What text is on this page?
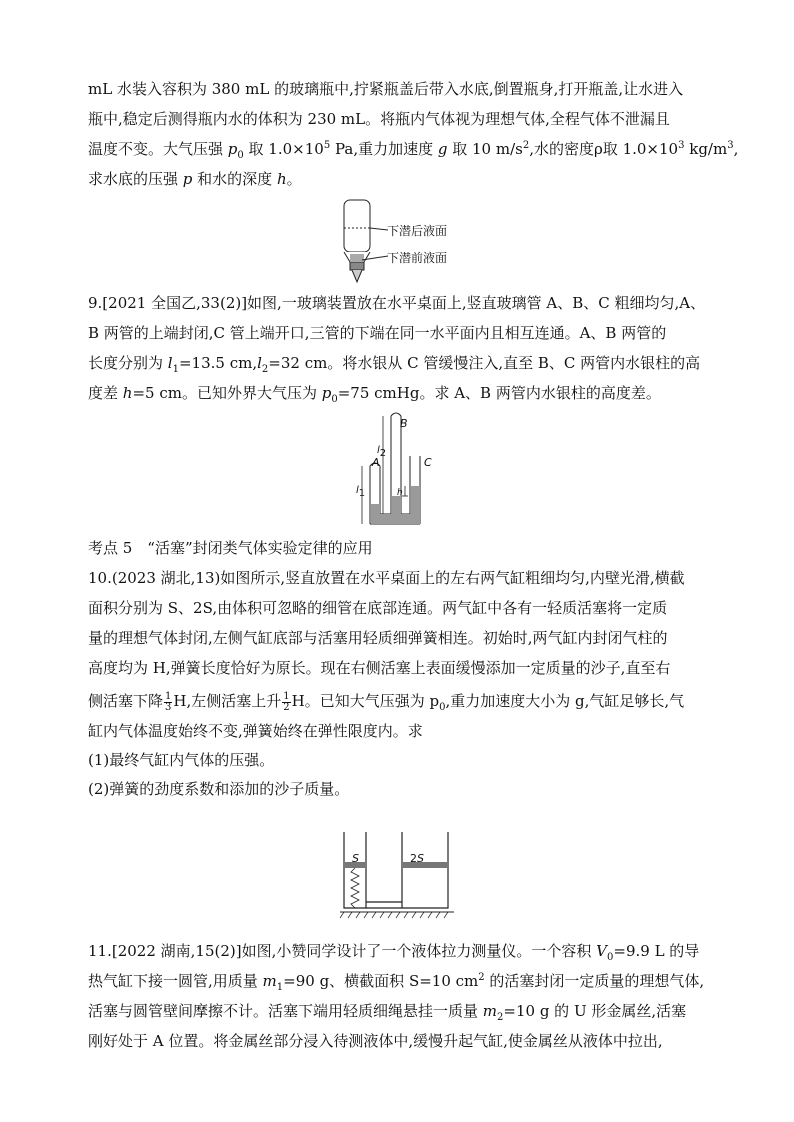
mL 水装入容积为 380 mL 的玻璃瓶中,拧紧瓶盖后带入水底,倒置瓶身,打开瓶盖,让水进入
瓶中,稳定后测得瓶内水的体积为 230 mL。将瓶内气体视为理想气体,全程气体不泄漏且
温度不变。大气压强 $p_0$ 取 $1.0\times 10^5$ Pa,重力加速度 g 取 10 $m/s^2$,水的密度ρ取 $1.0\times 10^3$ $kg/m^3$,
求水底的压强 p 和水的深度 h。
下潜后液面
下潜前液面
9.[2021 全国乙,33(2)]如图,一玻璃装置放在水平桌面上,竖直玻璃管 A、B、C 粗细均匀,A、
B 两管的上端封闭,C 管上端开口,三管的下端在同一水平面内且相互连通。A、B 两管的
长度分别为 $l_1=13.5$ $cm,l_2=32$ cm。将水银从 C 管缓慢注入,直至 B、C 两管内水银柱的高
度差 h=5 cm。已知外界大气压为 $p_0=75$ cmHg。求 A、B 两管内水银柱的高度差。
B
A	C
h
$l_1$
$l_2$
考点 5　“活塞”封闭类气体实验定律的应用
10.(2023 湖北,13)如图所示,竖直放置在水平桌面上的左右两气缸粗细均匀,内壁光滑,横截
面积分别为 S、2S,由体积可忽略的细管在底部连通。两气缸中各有一轻质活塞将一定质
量的理想气体封闭,左侧气缸底部与活塞用轻质细弹簧相连。初始时,两气缸内封闭气柱的
高度均为 H,弹簧长度恰好为原长。现在右侧活塞上表面缓慢添加一定质量的沙子,直至右
侧活塞下降 $\frac{1}{3} H$,左侧活塞上升 $\frac{1}{2}$ H。已知大气压强为 $p_0$,重力加速度大小为 g,气缸足够长,气
缸内气体温度始终不变,弹簧始终在弹性限度内。求
(1)最终气缸内气体的压强。
(2)弹簧的劲度系数和添加的沙子质量。
S	2S
11.[2022 湖南,15(2)]如图,小赞同学设计了一个液体拉力测量仪。一个容积 $V_0=9.9$ L 的导
热气缸下接一圆管,用质量 $m_1=90$ g、横截面积 S=10 $cm^2$ 的活塞封闭一定质量的理想气体,
活塞与圆管壁间摩擦不计。活塞下端用轻质细绳悬挂一质量 $m_2=10$ g 的 U 形金属丝,活塞
刚好处于 A 位置。将金属丝部分浸入待测液体中,缓慢升起气缸,使金属丝从液体中拉出,
